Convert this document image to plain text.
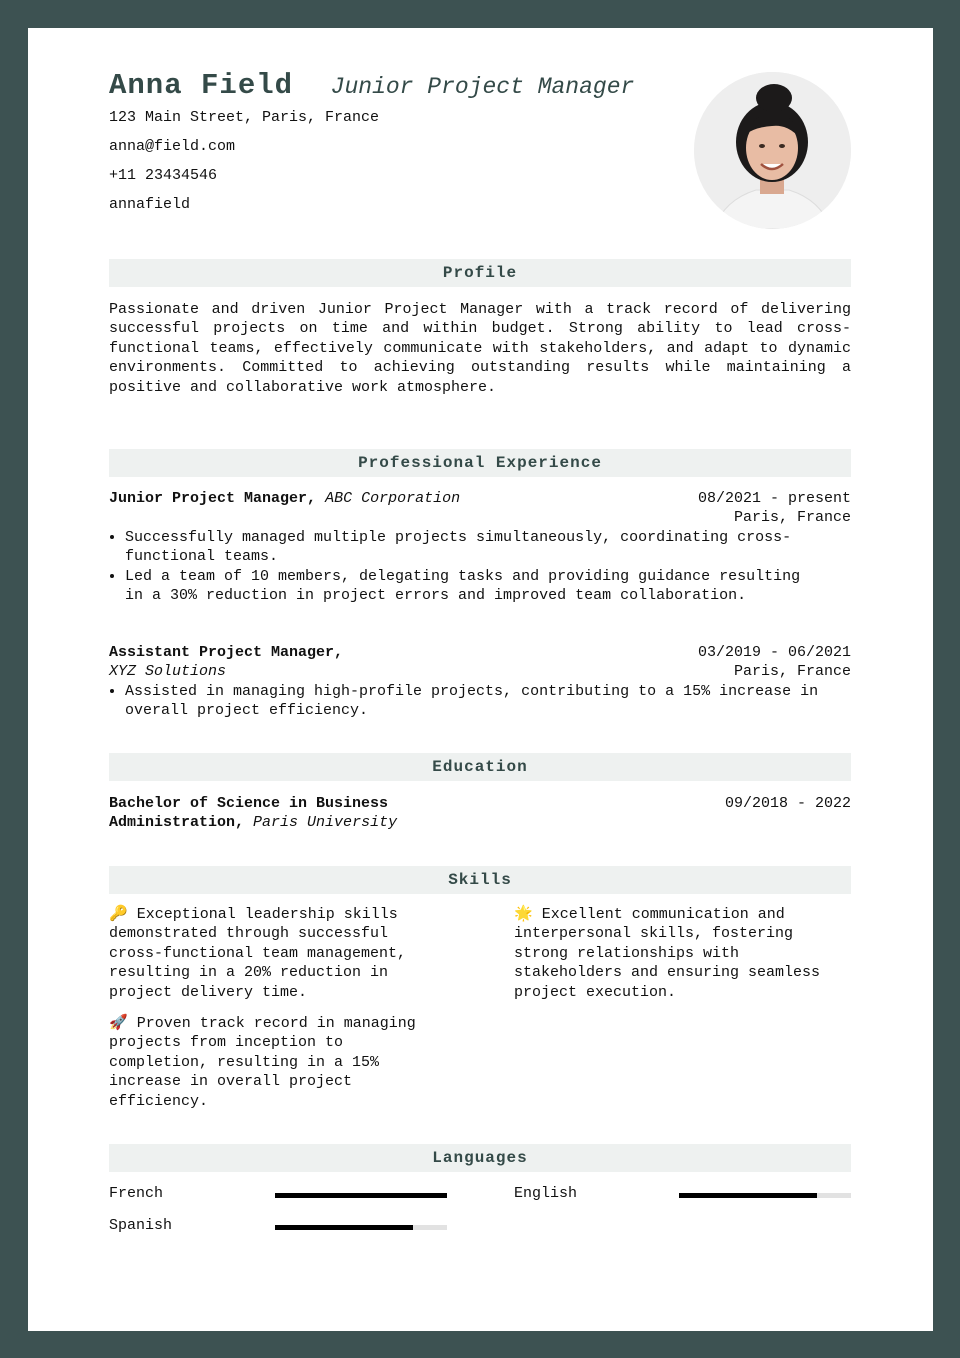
Anna Field Junior Project Manager
123 Main Street, Paris, France
anna@field.com
+11 23434546
annafield
Profile
Passionate and driven Junior Project Manager with a track record of delivering successful projects on time and within budget. Strong ability to lead cross-functional teams, effectively communicate with stakeholders, and adapt to dynamic environments. Committed to achieving outstanding results while maintaining a positive and collaborative work atmosphere.
Professional Experience
Junior Project Manager, ABC Corporation	08/2021 - present
Paris, France
• Successfully managed multiple projects simultaneously, coordinating cross-functional teams.
• Led a team of 10 members, delegating tasks and providing guidance resulting in a 30% reduction in project errors and improved team collaboration.
Assistant Project Manager,
XYZ Solutions
03/2019 - 06/2021
Paris, France
• Assisted in managing high-profile projects, contributing to a 15% increase in overall project efficiency.
Education
Bachelor of Science in Business
Administration, Paris University
09/2018 - 2022
Skills
🔑 Exceptional leadership skills demonstrated through successful cross-functional team management, resulting in a 20% reduction in project delivery time.
🌟 Excellent communication and interpersonal skills, fostering strong relationships with stakeholders and ensuring seamless project execution.
🚀 Proven track record in managing projects from inception to completion, resulting in a 15% increase in overall project efficiency.
Languages
French	English
Spanish
